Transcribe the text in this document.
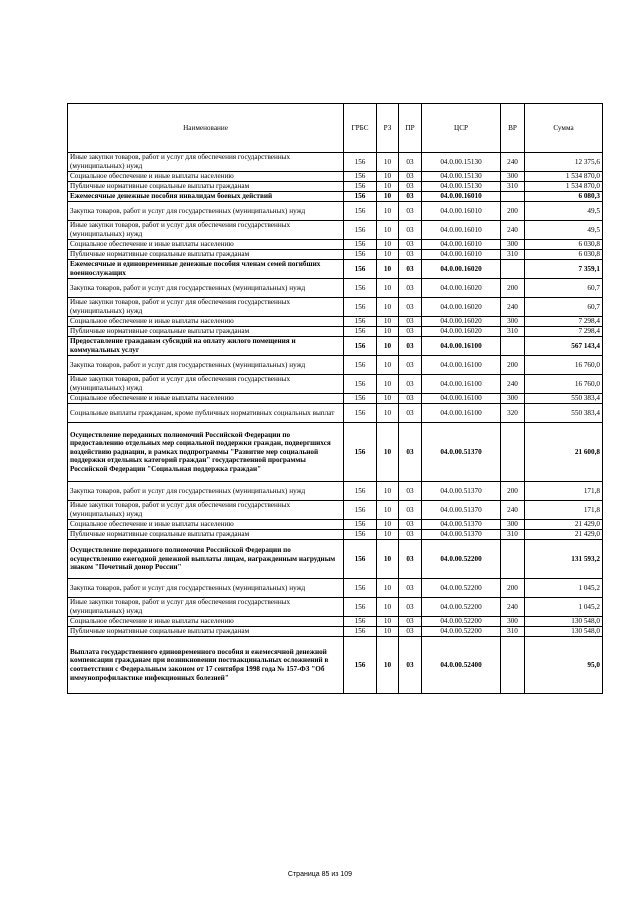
Наименование	ГРБС	РЗ	ПР	ЦСР	ВР	Сумма
Иные закупки товаров, работ и услуг для обеспечения государственных (муниципальных) нужд	156	10	03	04.0.00.15130	240	12 375,6
Социальное обеспечение и иные выплаты населению	156	10	03	04.0.00.15130	300	1 534 870,0
Публичные нормативные социальные выплаты гражданам	156	10	03	04.0.00.15130	310	1 534 870,0
Ежемесячные денежные пособия инвалидам боевых действий	156	10	03	04.0.00.16010		6 080,3
Закупка товаров, работ и услуг для государственных (муниципальных) нужд	156	10	03	04.0.00.16010	200	49,5
Иные закупки товаров, работ и услуг для обеспечения государственных (муниципальных) нужд	156	10	03	04.0.00.16010	240	49,5
Социальное обеспечение и иные выплаты населению	156	10	03	04.0.00.16010	300	6 030,8
Публичные нормативные социальные выплаты гражданам	156	10	03	04.0.00.16010	310	6 030,8
Ежемесячные и единовременные денежные пособия членам семей погибших военнослужащих	156	10	03	04.0.00.16020		7 359,1
Закупка товаров, работ и услуг для государственных (муниципальных) нужд	156	10	03	04.0.00.16020	200	60,7
Иные закупки товаров, работ и услуг для обеспечения государственных (муниципальных) нужд	156	10	03	04.0.00.16020	240	60,7
Социальное обеспечение и иные выплаты населению	156	10	03	04.0.00.16020	300	7 298,4
Публичные нормативные социальные выплаты гражданам	156	10	03	04.0.00.16020	310	7 298,4
Предоставление гражданам субсидий на оплату жилого помещения и коммунальных услуг	156	10	03	04.0.00.16100		567 143,4
Закупка товаров, работ и услуг для государственных (муниципальных) нужд	156	10	03	04.0.00.16100	200	16 760,0
Иные закупки товаров, работ и услуг для обеспечения государственных (муниципальных) нужд	156	10	03	04.0.00.16100	240	16 760,0
Социальное обеспечение и иные выплаты населению	156	10	03	04.0.00.16100	300	550 383,4
Социальные выплаты гражданам, кроме публичных нормативных социальных выплат	156	10	03	04.0.00.16100	320	550 383,4
Осуществление переданных полномочий Российской Федерации по предоставлению отдельных мер социальной поддержки граждан, подвергшихся воздействию радиации, в рамках подпрограммы "Развитие мер социальной поддержки отдельных категорий граждан" государственной программы Российской Федерации "Социальная поддержка граждан"	156	10	03	04.0.00.51370		21 600,8
Закупка товаров, работ и услуг для государственных (муниципальных) нужд	156	10	03	04.0.00.51370	200	171,8
Иные закупки товаров, работ и услуг для обеспечения государственных (муниципальных) нужд	156	10	03	04.0.00.51370	240	171,8
Социальное обеспечение и иные выплаты населению	156	10	03	04.0.00.51370	300	21 429,0
Публичные нормативные социальные выплаты гражданам	156	10	03	04.0.00.51370	310	21 429,0
Осуществление переданного полномочия Российской Федерации по осуществлению ежегодной денежной выплаты лицам, награжденным нагрудным знаком "Почетный донор России"	156	10	03	04.0.00.52200		131 593,2
Закупка товаров, работ и услуг для государственных (муниципальных) нужд	156	10	03	04.0.00.52200	200	1 045,2
Иные закупки товаров, работ и услуг для обеспечения государственных (муниципальных) нужд	156	10	03	04.0.00.52200	240	1 045,2
Социальное обеспечение и иные выплаты населению	156	10	03	04.0.00.52200	300	130 548,0
Публичные нормативные социальные выплаты гражданам	156	10	03	04.0.00.52200	310	130 548,0
Выплата государственного единовременного пособия и ежемесячной денежной компенсации гражданам при возникновении поствакцинальных осложнений в соответствии с Федеральным законом от 17 сентября 1998 года № 157-ФЗ "Об иммунопрофилактике инфекционных болезней"	156	10	03	04.0.00.52400		95,0
Страница 85 из 109
